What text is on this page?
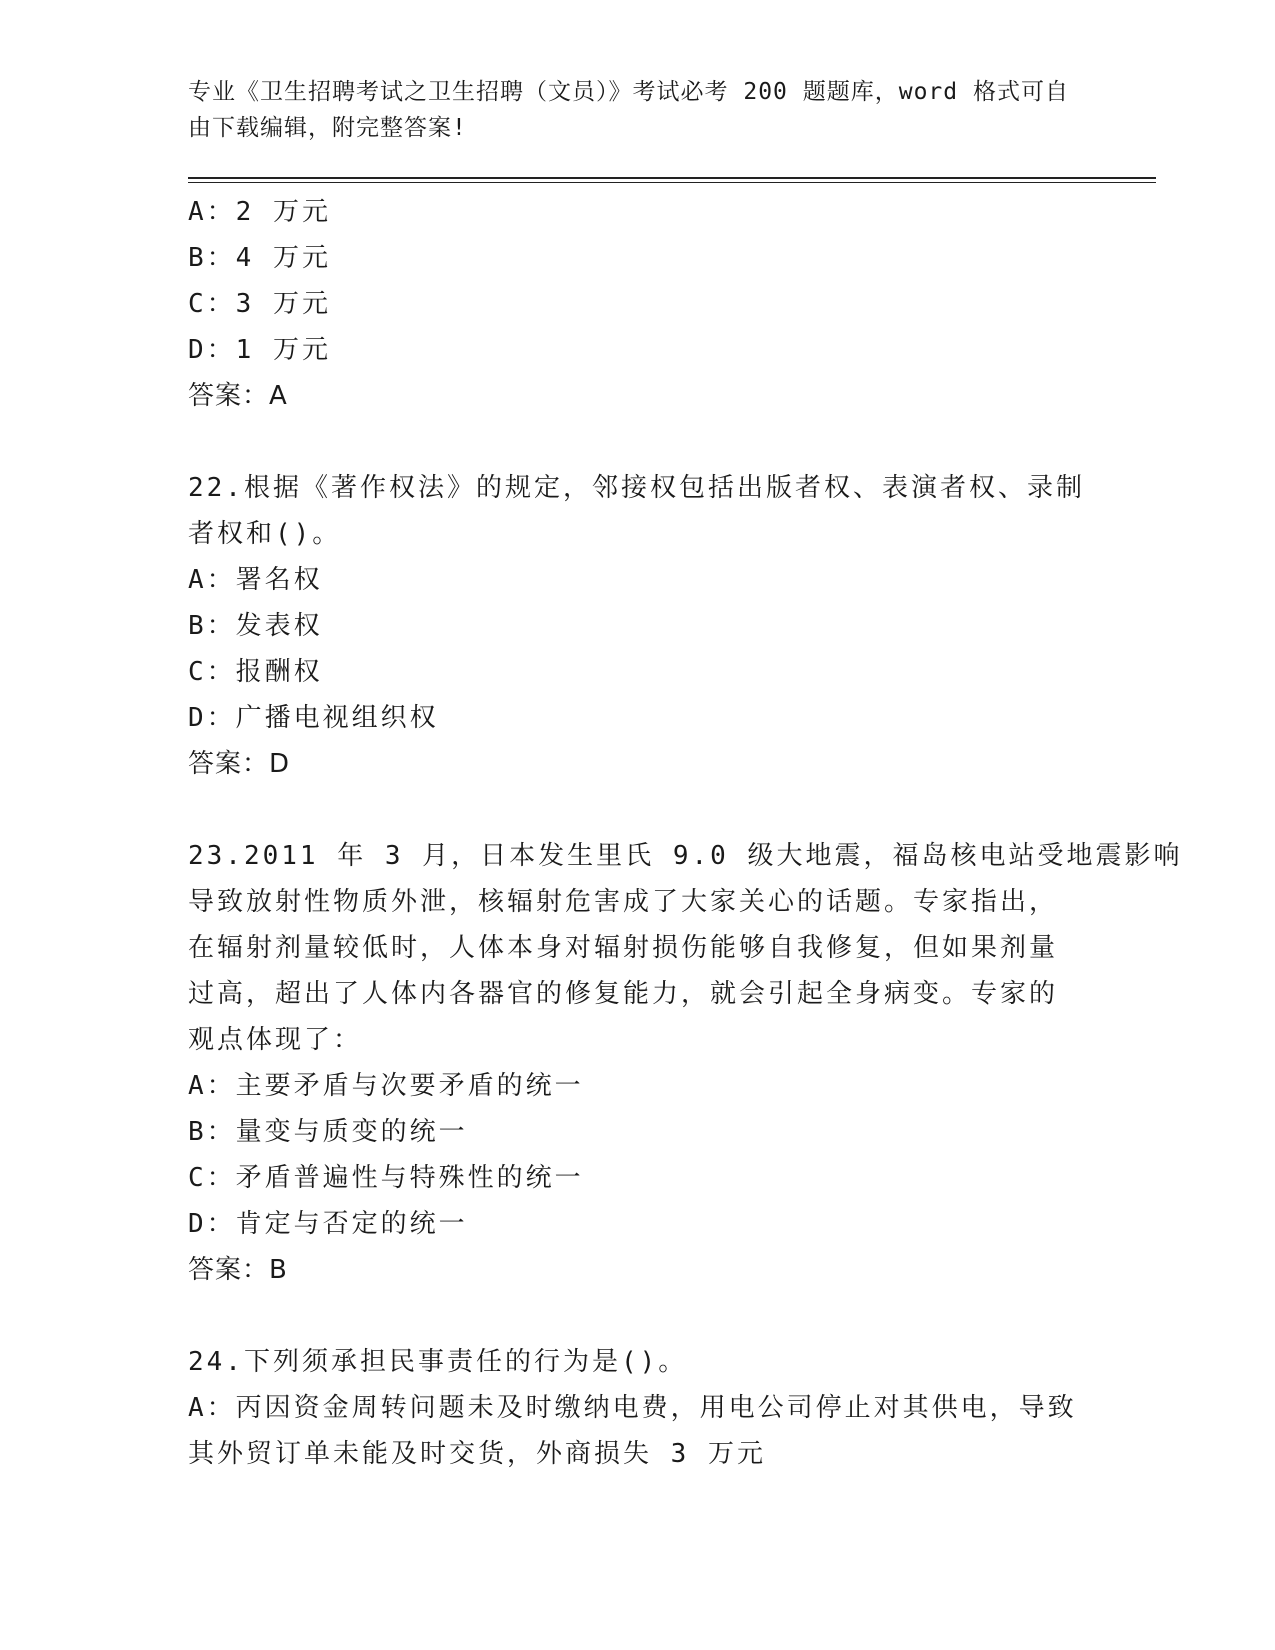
专业《卫生招聘考试之卫生招聘（文员）》考试必考 200 题题库，word 格式可自
由下载编辑，附完整答案!
A：2 万元
B：4 万元
C：3 万元
D：1 万元
答案：A
22.根据《著作权法》的规定，邻接权包括出版者权、表演者权、录制
者权和()。
A：署名权
B：发表权
C：报酬权
D：广播电视组织权
答案：D
23.2011 年 3 月，日本发生里氏 9.0 级大地震，福岛核电站受地震影响
导致放射性物质外泄，核辐射危害成了大家关心的话题。专家指出，
在辐射剂量较低时，人体本身对辐射损伤能够自我修复，但如果剂量
过高，超出了人体内各器官的修复能力，就会引起全身病变。专家的
观点体现了：
A：主要矛盾与次要矛盾的统一
B：量变与质变的统一
C：矛盾普遍性与特殊性的统一
D：肯定与否定的统一
答案：B
24.下列须承担民事责任的行为是()。
A：丙因资金周转问题未及时缴纳电费，用电公司停止对其供电，导致
其外贸订单未能及时交货，外商损失 3 万元
